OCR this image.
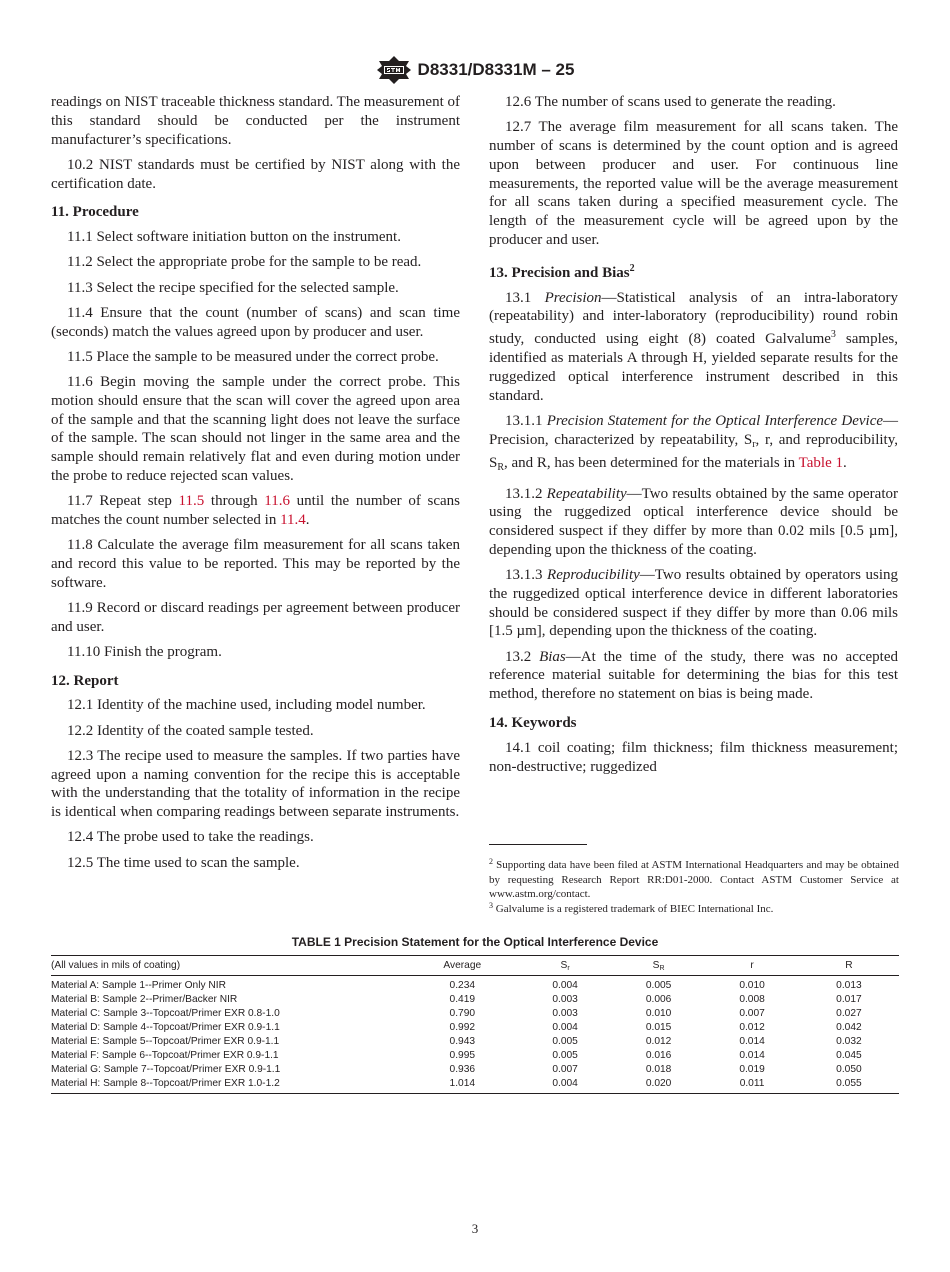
D8331/D8331M – 25

readings on NIST traceable thickness standard. The measurement of this standard should be conducted per the instrument manufacturer’s specifications.

10.2 NIST standards must be certified by NIST along with the certification date.

11. Procedure

11.1 Select software initiation button on the instrument.

11.2 Select the appropriate probe for the sample to be read.

11.3 Select the recipe specified for the selected sample.

11.4 Ensure that the count (number of scans) and scan time (seconds) match the values agreed upon by producer and user.

11.5 Place the sample to be measured under the correct probe.

11.6 Begin moving the sample under the correct probe. This motion should ensure that the scan will cover the agreed upon area of the sample and that the scanning light does not leave the surface of the sample. The scan should not linger in the same area and the sample should remain relatively flat and even during motion under the probe to reduce rejected scan values.

11.7 Repeat step 11.5 through 11.6 until the number of scans matches the count number selected in 11.4.

11.8 Calculate the average film measurement for all scans taken and record this value to be reported. This may be reported by the software.

11.9 Record or discard readings per agreement between producer and user.

11.10 Finish the program.

12. Report

12.1 Identity of the machine used, including model number.

12.2 Identity of the coated sample tested.

12.3 The recipe used to measure the samples. If two parties have agreed upon a naming convention for the recipe this is acceptable with the understanding that the totality of information in the recipe is identical when comparing readings between separate instruments.

12.4 The probe used to take the readings.

12.5 The time used to scan the sample.

12.6 The number of scans used to generate the reading.

12.7 The average film measurement for all scans taken. The number of scans is determined by the count option and is agreed upon between producer and user. For continuous line measurements, the reported value will be the average measurement for all scans taken during a specified measurement cycle. The length of the measurement cycle will be agreed upon by the producer and user.

13. Precision and Bias$^2$

13.1 Precision—Statistical analysis of an intra-laboratory (repeatability) and inter-laboratory (reproducibility) round robin study, conducted using eight (8) coated Galvalume$^3$ samples, identified as materials A through H, yielded separate results for the ruggedized optical interference instrument described in this standard.

13.1.1 Precision Statement for the Optical Interference Device—Precision, characterized by repeatability, $S_r$, r, and reproducibility, $S_R$, and R, has been determined for the materials in Table 1.

13.1.2 Repeatability—Two results obtained by the same operator using the ruggedized optical interference device should be considered suspect if they differ by more than 0.02 mils [0.5 µm], depending upon the thickness of the coating.

13.1.3 Reproducibility—Two results obtained by operators using the ruggedized optical interference device in different laboratories should be considered suspect if they differ by more than 0.06 mils [1.5 µm], depending upon the thickness of the coating.

13.2 Bias—At the time of the study, there was no accepted reference material suitable for determining the bias for this test method, therefore no statement on bias is being made.

14. Keywords

14.1 coil coating; film thickness; film thickness measurement; non-destructive; ruggedized

$^2$ Supporting data have been filed at ASTM International Headquarters and may be obtained by requesting Research Report RR:D01-2000. Contact ASTM Customer Service at www.astm.org/contact.
$^3$ Galvalume is a registered trademark of BIEC International Inc.
TABLE 1 Precision Statement for the Optical Interference Device
(All values in mils of coating)	Average	Sr	SR	r	R
Material A: Sample 1--Primer Only NIR	0.234	0.004	0.005	0.010	0.013
Material B: Sample 2--Primer/Backer NIR	0.419	0.003	0.006	0.008	0.017
Material C: Sample 3--Topcoat/Primer EXR 0.8-1.0	0.790	0.003	0.010	0.007	0.027
Material D: Sample 4--Topcoat/Primer EXR 0.9-1.1	0.992	0.004	0.015	0.012	0.042
Material E: Sample 5--Topcoat/Primer EXR 0.9-1.1	0.943	0.005	0.012	0.014	0.032
Material F: Sample 6--Topcoat/Primer EXR 0.9-1.1	0.995	0.005	0.016	0.014	0.045
Material G: Sample 7--Topcoat/Primer EXR 0.9-1.1	0.936	0.007	0.018	0.019	0.050
Material H: Sample 8--Topcoat/Primer EXR 1.0-1.2	1.014	0.004	0.020	0.011	0.055
3
